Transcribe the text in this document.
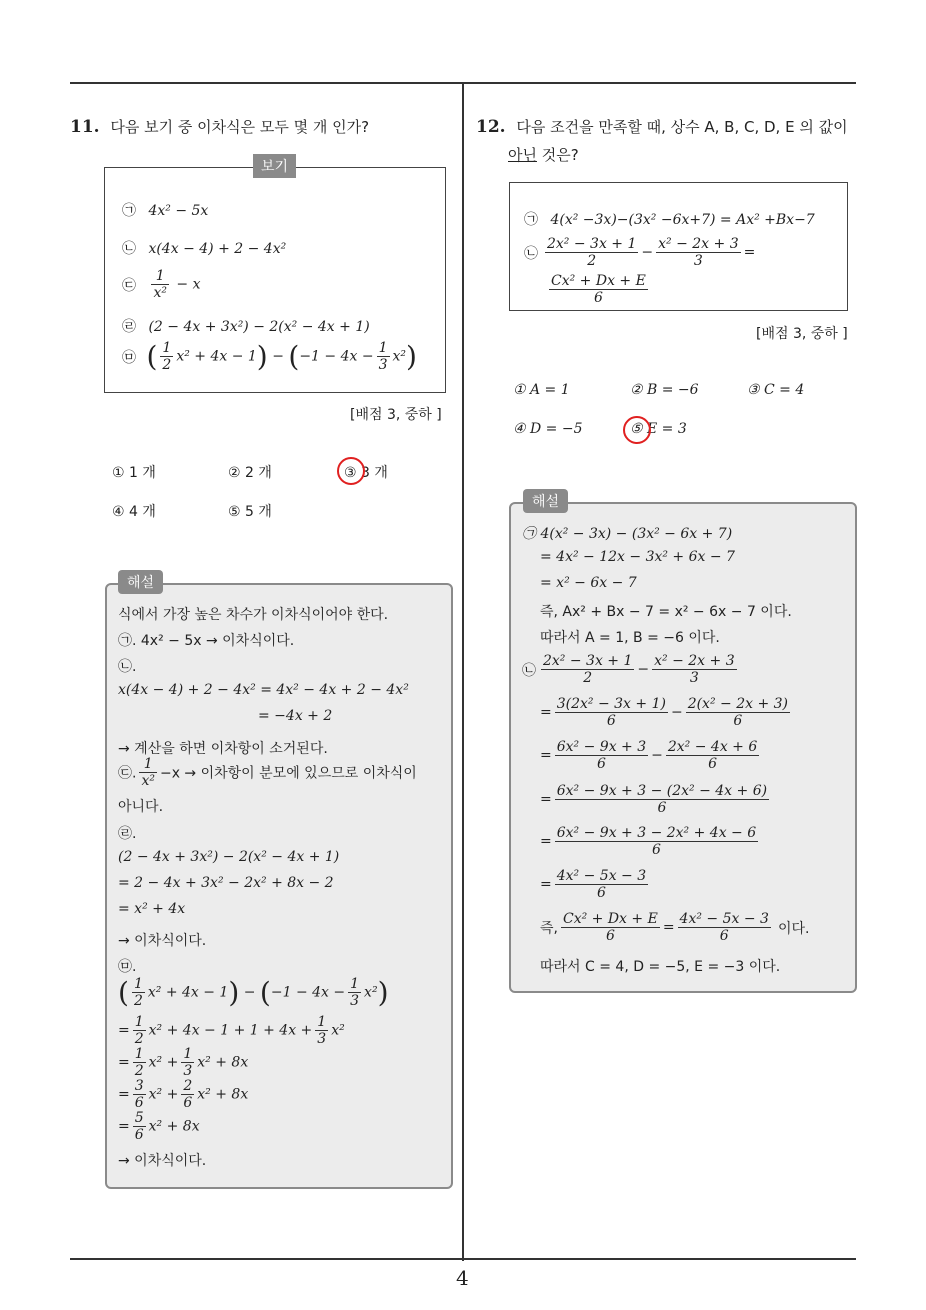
4
11. 다음 보기 중 이차식은 모두 몇 개 인가?
보기
㉠ 4x² − 5x
㉡ x(4x − 4) + 2 − 4x²
㉢ $\frac{1}{\text{x²}} - x$
㉣ (2 − 4x + 3x²) − 2(x² − 4x + 1)
㉤ ( $\frac{1}{2} x^2 + 4x - 1) - (-1 - 4x - \frac{1}{3} x^2)$
[배점 3, 중하 ]
① 1 개	② 2 개	③ 3 개
④ 4 개	⑤ 5 개
해설
식에서 가장 높은 차수가 이차식이어야 한다.
㉠. 4x² − 5x → 이차식이다.
㉡.
x(4x − 4) + 2 − 4x² = 4x² − 4x + 2 − 4x²
= −4x + 2
→ 계산을 하면 이차항이 소거된다.
㉢. $\frac{1}{\text{x²}} -x$ → 이차항이 분모에 있으므로 이차식이
아니다.
㉣.
(2 − 4x + 3x²) − 2(x² − 4x + 1)
= 2 − 4x + 3x² − 2x² + 8x − 2
= x² + 4x
→ 이차식이다.
㉤.
( $\frac{1}{2} x^2 + 4x - 1) - (-1 - 4x - \frac{1}{3} x^2)$
= $\frac{1}{2} x^2 + 4x - 1 + 1 + 4x + \frac{1}{3} x^2$
= $\frac{1}{2} x^2 + \frac{1}{3} x^2 + 8x$
= $\frac{3}{6} x^2 + \frac{2}{6} x^2 + 8x$
= $\frac{5}{6} x^2 + 8x$
→ 이차식이다.
12. 다음 조건을 만족할 때, 상수 A, B, C, D, E 의 값이
아닌 것은?
㉠ 4(x² −3x)−(3x² −6x+7) = Ax² +Bx−7
㉡ $\frac{\text{2x² − 3x + 1}}{2} - \frac{\text{x² − 2x + 3}}{3}$ =
$\frac{\text{Cx² + Dx + E}}{6}$
[배점 3, 중하 ]
① A = 1	② B = −6	③ C = 4
④ D = −5	⑤ E = 3
해설
㉠ 4(x² − 3x) − (3x² − 6x + 7)
= 4x² − 12x − 3x² + 6x − 7
= x² − 6x − 7
즉, Ax² + Bx − 7 = x² − 6x − 7 이다.
따라서 A = 1, B = −6 이다.
㉡ $\frac{\text{2x² − 3x + 1}}{2} - \frac{\text{x² − 2x + 3}}{3}$
= $\frac{\text{3(2x² − 3x + 1)}}{6} - \frac{\text{2(x² − 2x + 3)}}{6}$
= $\frac{\text{6x² − 9x + 3}}{6} - \frac{\text{2x² − 4x + 6}}{6}$
= $\frac{\text{6x² − 9x + 3 − (2x² − 4x + 6)}}{6}$
= $\frac{\text{6x² − 9x + 3 − 2x² + 4x − 6}}{6}$
= $\frac{\text{4x² − 5x − 3}}{6}$
즉, $\frac{\text{Cx² + Dx + E}}{6} = \frac{\text{4x² − 5x − 3}}{6}$ 이다.
따라서 C = 4, D = −5, E = −3 이다.
